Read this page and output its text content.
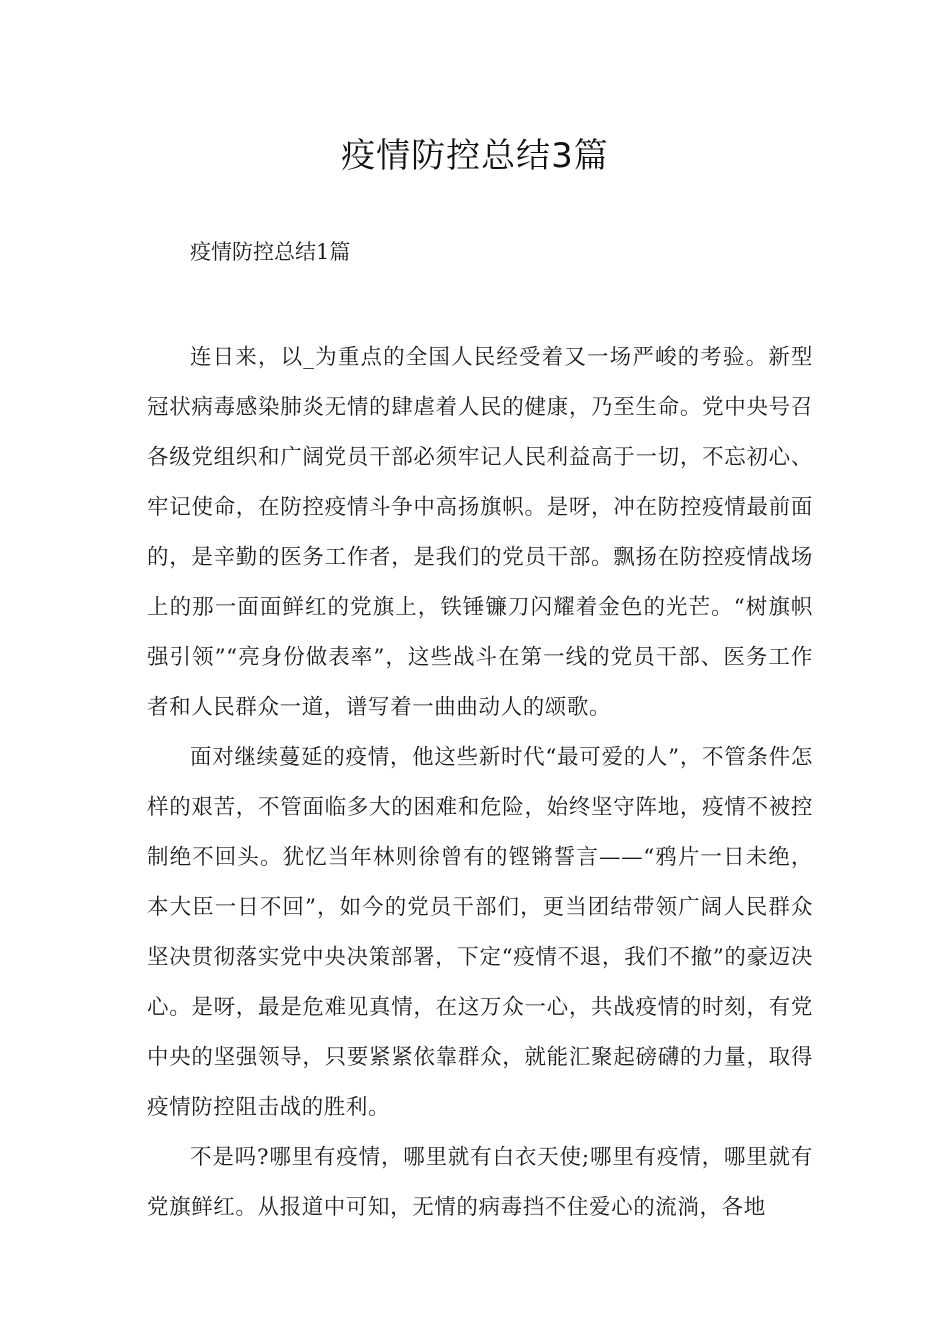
疫情防控总结3篇

疫情防控总结1篇

连日来，以_为重点的全国人民经受着又一场严峻的考验。新型冠状病毒感染肺炎无情的肆虐着人民的健康，乃至生命。党中央号召各级党组织和广阔党员干部必须牢记人民利益高于一切，不忘初心、牢记使命，在防控疫情斗争中高扬旗帜。是呀，冲在防控疫情最前面的，是辛勤的医务工作者，是我们的党员干部。飘扬在防控疫情战场上的那一面面鲜红的党旗上，铁锤镰刀闪耀着金色的光芒。“树旗帜强引领”“亮身份做表率”，这些战斗在第一线的党员干部、医务工作者和人民群众一道，谱写着一曲曲动人的颂歌。

面对继续蔓延的疫情，他这些新时代“最可爱的人”，不管条件怎样的艰苦，不管面临多大的困难和危险，始终坚守阵地，疫情不被控制绝不回头。犹忆当年林则徐曾有的铿锵誓言——“鸦片一日未绝，本大臣一日不回”，如今的党员干部们，更当团结带领广阔人民群众坚决贯彻落实党中央决策部署，下定“疫情不退，我们不撤”的豪迈决心。是呀，最是危难见真情，在这万众一心，共战疫情的时刻，有党中央的坚强领导，只要紧紧依靠群众，就能汇聚起磅礴的力量，取得疫情防控阻击战的胜利。

不是吗?哪里有疫情，哪里就有白衣天使;哪里有疫情，哪里就有党旗鲜红。从报道中可知，无情的病毒挡不住爱心的流淌，各地
